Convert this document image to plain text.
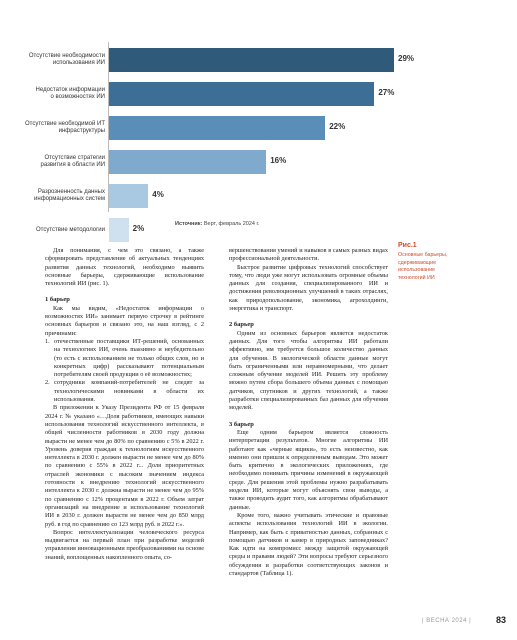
Отсутствие необходимости
использования ИИ	29%
Недостаток информации
о возможностях ИИ	27%
Отсутствие необходимой ИТ
инфраструктуры	22%
Отсутствие стратегии
развития в области ИИ	16%
Разрозненность данных
информационных систем	4%
Отсутствие методологии	2%	Источник: Верт, февраль 2024 г.
Рис.1
Основные барьеры,
сдерживающие
использование
технологий ИИ

Для понимания, с чем это связано, а также сформировать представление об актуальных тенденциях развития данных технологий, необходимо выявить основные барьеры, сдерживающие использование технологий ИИ (рис. 1).

1 барьер

Как мы видим, «Недостаток информации о возможностях ИИ» занимает первую строчку в рейтинге основных барьеров и связано это, на наш взгляд, с 2 причинами:

1. отечественные поставщики ИТ-решений, основанных на технологиях ИИ, очень massивно и неубедительно (то есть с использованием не только общих слов, но и конкретных цифр) рассказывают потенциальным потребителям своей продукции о её возможностях;
2. сотрудники компаний-потребителей не следят за технологическими новинками в области их использования.

В приложении к Указу Президента РФ от 15 февраля 2024 г. № указано «…Доля работников, имеющих навыки использования технологий искусственного интеллекта, в общей численности работников в 2030 году должна вырасти не менее чем до 80% по сравнению с 5% в 2022 г. Уровень доверия граждан к технологиям искусственного интеллекта в 2030 г. должен вырасти не менее чем до 80% по сравнению с 55% в 2022 г... Доля приоритетных отраслей экономики с высоким значением индекса готовности к внедрению технологий искусственного интеллекта к 2030 г. должна вырасти не менее чем до 95% по сравнению с 12% процентами в 2022 г. Объем затрат организаций на внедрение и использование технологий ИИ в 2030 г. должен вырасти не менее чем до 850 млрд руб. в год по сравнению со 123 млрд руб. в 2022 г.».

Вопрос интеллектуализации человеческого ресурса выдвигается на первый план при разработке моделей управления инновационными преобразованиями на основе знаний, воплощенных накопленного опыта, со-

вершенствования умений и навыков в самых разных видах профессиональной деятельности.

Быстрое развитие цифровых технологий способствует тому, что люди уже могут использовать огромные объемы данных для создания, специализированного ИИ и достижения революционных улучшений в таких отраслях, как природопользование, экономика, агрохолдинги, энергетика и транспорт.

2 барьер

Одним из основных барьеров является недостаток данных. Для того чтобы алгоритмы ИИ работали эффективно, им требуется большое количество данных для обучения. В экологической области данные могут быть ограниченными или неравномерными, что делает сложным обучение моделей ИИ. Решить эту проблему можно путем сбора большего объема данных с помощью датчиков, спутников и других технологий, а также разработки специализированных баз данных для обучения моделей.

3 барьер

Еще одним барьером является сложность интерпретации результатов. Многие алгоритмы ИИ работают как «черные ящики», то есть неизвестно, как именно они пришли к определенным выводам. Это может быть критично в экологических приложениях, где необходимо понимать причины изменений в окружающей среде. Для решения этой проблемы нужно разрабатывать модели ИИ, которые могут объяснять свои выводы, а также проводить аудит того, как алгоритмы обрабатывают данные.

Кроме того, важно учитывать этические и правовые аспекты использования технологий ИИ в экологии. Например, как быть с приватностью данных, собранных с помощью датчиков и камер в природных заповедниках? Как идти на компромисс между защитой окружающей среды и правами людей? Эти вопросы требуют серьезного обсуждения и разработки соответствующих законов и стандартов (Таблица 1).

| ВЕСНА 2024 |	83
